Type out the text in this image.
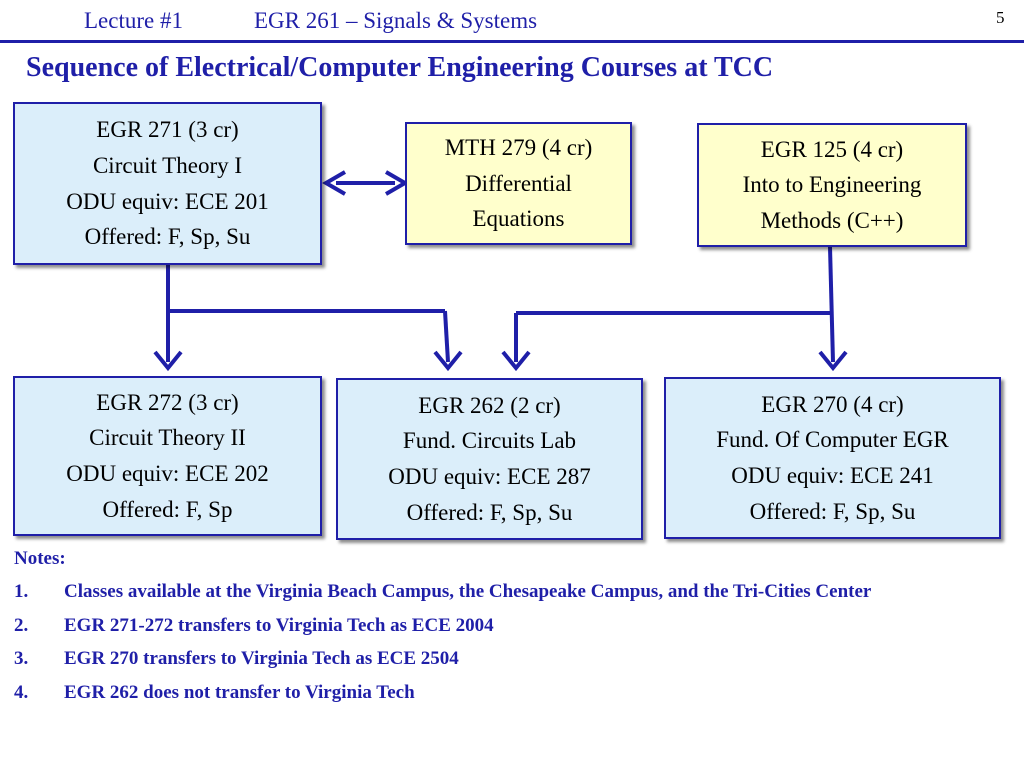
Lecture #1	EGR 261 – Signals & Systems	5
Sequence of Electrical/Computer Engineering Courses at TCC
EGR 271 (3 cr)
Circuit Theory I
ODU equiv: ECE 201
Offered: F, Sp, Su
MTH 279 (4 cr)
Differential
Equations
EGR 125 (4 cr)
Into to Engineering
Methods (C++)
EGR 272 (3 cr)
Circuit Theory II
ODU equiv: ECE 202
Offered: F, Sp
EGR 262 (2 cr)
Fund. Circuits Lab
ODU equiv: ECE 287
Offered: F, Sp, Su
EGR 270 (4 cr)
Fund. Of Computer EGR
ODU equiv: ECE 241
Offered: F, Sp, Su
Notes:
1.	Classes available at the Virginia Beach Campus, the Chesapeake Campus, and the Tri-Cities Center
2.	EGR 271-272 transfers to Virginia Tech as ECE 2004
3.	EGR 270 transfers to Virginia Tech as ECE 2504
4.	EGR 262 does not transfer to Virginia Tech
